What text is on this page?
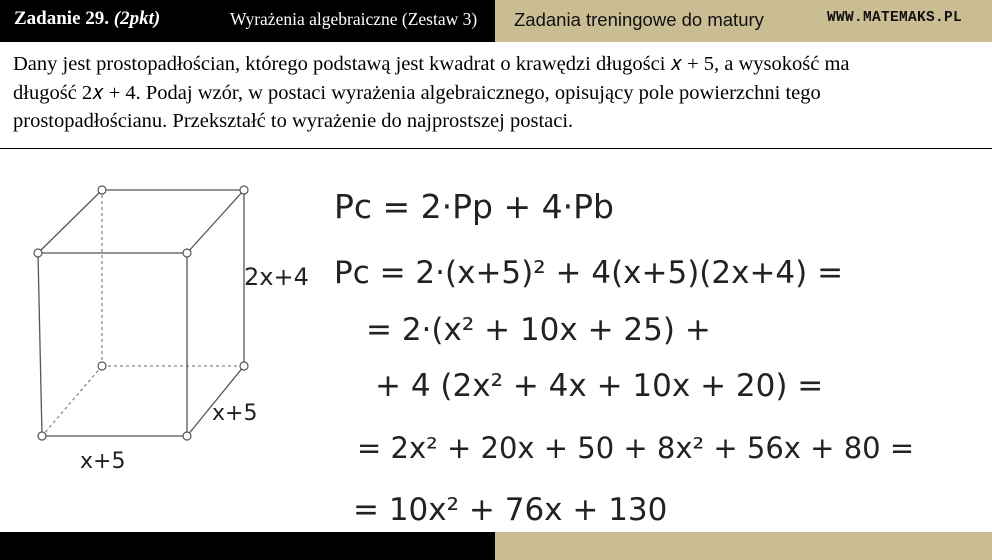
Zadanie 29. (2pkt)	Wyrażenia algebraiczne (Zestaw 3) Zadania treningowe do matury	WWW.MATEMAKS.PL
Dany jest prostopadłościan, którego podstawą jest kwadrat o krawędzi długości 𝑥 + 5, a wysokość ma
długość 2𝑥 + 4. Podaj wzór, w postaci wyrażenia algebraicznego, opisujący pole powierzchni tego
prostopadłościanu. Przekształć to wyrażenie do najprostszej postaci.
2x+4
x+5
x+5
Pc = 2·Pp + 4·Pb
Pc = 2·(x+5)² + 4(x+5)(2x+4) =
= 2·(x² + 10x + 25) +
+ 4 (2x² + 4x + 10x + 20) =
= 2x² + 20x + 50 + 8x² + 56x + 80 =
= 10x² + 76x + 130
